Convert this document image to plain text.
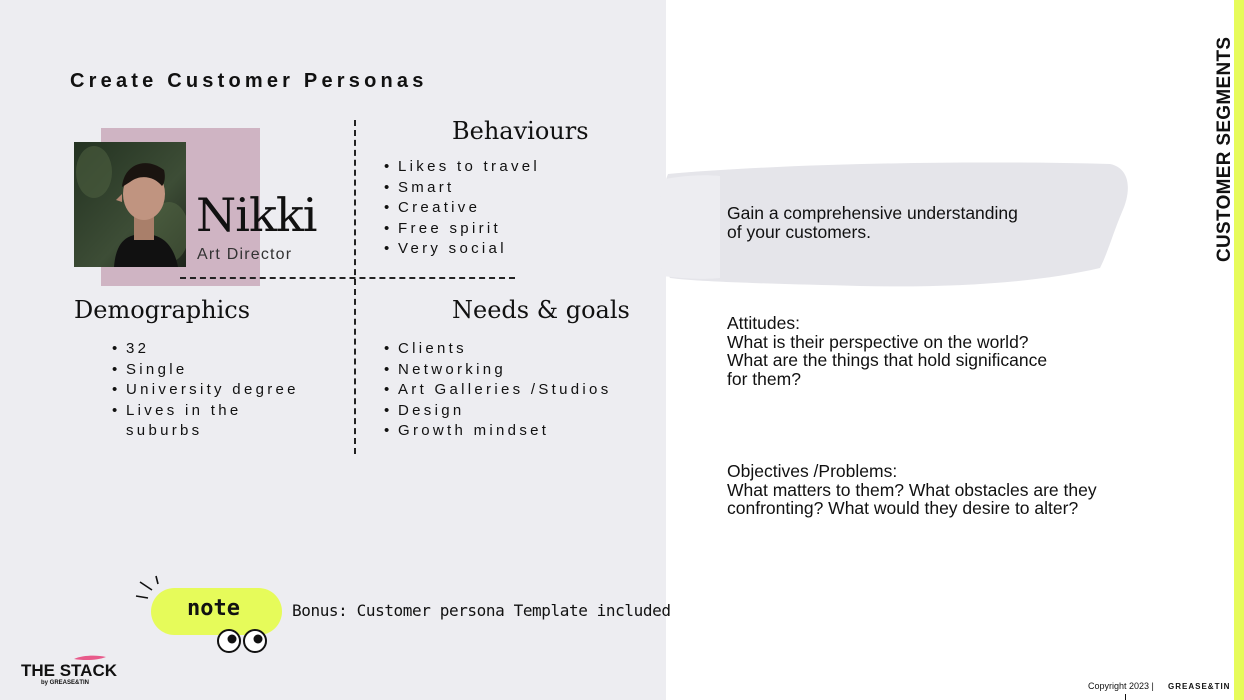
Create Customer Personas
Nikki
Art Director
Behaviours
• Likes to travel
• Smart
• Creative
• Free spirit
• Very social
Demographics
• 32
• Single
• University degree
• Lives in the suburbs
Needs & goals
• Clients
• Networking
• Art Galleries /Studios
• Design
• Growth mindset
Gain a comprehensive understanding
of your customers.
Attitudes:
What is their perspective on the world?
What are the things that hold significance
for them?
Objectives /Problems:
What matters to them? What obstacles are they
confronting? What would they desire to alter?
CUSTOMER SEGMENTS
note	Bonus: Customer persona Template included
THE STACK
by GREASE&TIN	Copyright 2023 | GREASE&TIN
